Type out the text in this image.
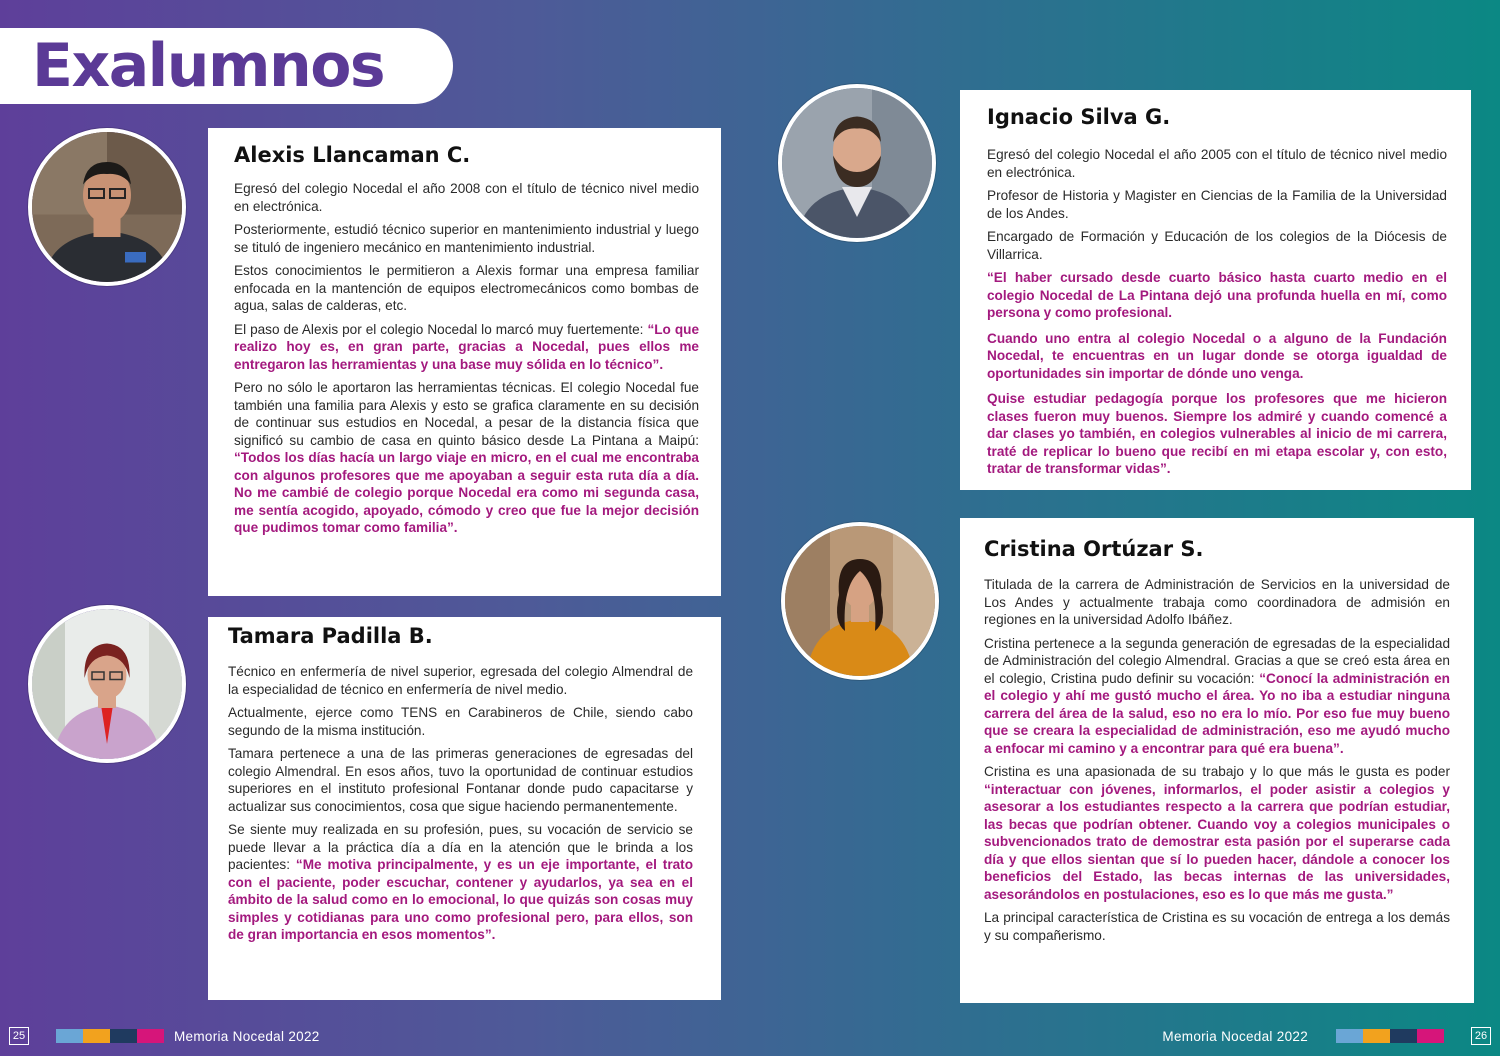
Exalumnos
Alexis Llancaman C.

Egresó del colegio Nocedal el año 2008 con el título de técnico nivel medio en electrónica.

Posteriormente, estudió técnico superior en mantenimiento industrial y luego se tituló de ingeniero mecánico en mantenimiento industrial.

Estos conocimientos le permitieron a Alexis formar una empresa familiar enfocada en la mantención de equipos electromecánicos como bombas de agua, salas de calderas, etc.

El paso de Alexis por el colegio Nocedal lo marcó muy fuertemente: “Lo que realizo hoy es, en gran parte, gracias a Nocedal, pues ellos me entregaron las herramientas y una base muy sólida en lo técnico”.

Pero no sólo le aportaron las herramientas técnicas. El colegio Nocedal fue también una familia para Alexis y esto se grafica claramente en su decisión de continuar sus estudios en Nocedal, a pesar de la distancia física que significó su cambio de casa en quinto básico desde La Pintana a Maipú: “Todos los días hacía un largo viaje en micro, en el cual me encontraba con algunos profesores que me apoyaban a seguir esta ruta día a día. No me cambié de colegio porque Nocedal era como mi segunda casa, me sentía acogido, apoyado, cómodo y creo que fue la mejor decisión que pudimos tomar como familia”.

Tamara Padilla B.

Técnico en enfermería de nivel superior, egresada del colegio Almendral de la especialidad de técnico en enfermería de nivel medio.

Actualmente, ejerce como TENS en Carabineros de Chile, siendo cabo segundo de la misma institución.

Tamara pertenece a una de las primeras generaciones de egresadas del colegio Almendral. En esos años, tuvo la oportunidad de continuar estudios superiores en el instituto profesional Fontanar donde pudo capacitarse y actualizar sus conocimientos, cosa que sigue haciendo permanentemente.

Se siente muy realizada en su profesión, pues, su vocación de servicio se puede llevar a la práctica día a día en la atención que le brinda a los pacientes: “Me motiva principalmente, y es un eje importante, el trato con el paciente, poder escuchar, contener y ayudarlos, ya sea en el ámbito de la salud como en lo emocional, lo que quizás son cosas muy simples y cotidianas para uno como profesional pero, para ellos, son de gran importancia en esos momentos”.

Ignacio Silva G.

Egresó del colegio Nocedal el año 2005 con el título de técnico nivel medio en electrónica.

Profesor de Historia y Magister en Ciencias de la Familia de la Universidad de los Andes.

Encargado de Formación y Educación de los colegios de la Diócesis de Villarrica.

“El haber cursado desde cuarto básico hasta cuarto medio en el colegio Nocedal de La Pintana dejó una profunda huella en mí, como persona y como profesional.

Cuando uno entra al colegio Nocedal o a alguno de la Fundación Nocedal, te encuentras en un lugar donde se otorga igualdad de oportunidades sin importar de dónde uno venga.

Quise estudiar pedagogía porque los profesores que me hicieron clases fueron muy buenos. Siempre los admiré y cuando comencé a dar clases yo también, en colegios vulnerables al inicio de mi carrera, traté de replicar lo bueno que recibí en mi etapa escolar y, con esto, tratar de transformar vidas”.

Cristina Ortúzar S.

Titulada de la carrera de Administración de Servicios en la universidad de Los Andes y actualmente trabaja como coordinadora de admisión en regiones en la universidad Adolfo Ibáñez.

Cristina pertenece a la segunda generación de egresadas de la especialidad de Administración del colegio Almendral. Gracias a que se creó esta área en el colegio, Cristina pudo definir su vocación: “Conocí la administración en el colegio y ahí me gustó mucho el área. Yo no iba a estudiar ninguna carrera del área de la salud, eso no era lo mío. Por eso fue muy bueno que se creara la especialidad de administración, eso me ayudó mucho a enfocar mi camino y a encontrar para qué era buena”.

Cristina es una apasionada de su trabajo y lo que más le gusta es poder “interactuar con jóvenes, informarlos, el poder asistir a colegios y asesorar a los estudiantes respecto a la carrera que podrían estudiar, las becas que podrían obtener. Cuando voy a colegios municipales o subvencionados trato de demostrar esta pasión por el superarse cada día y que ellos sientan que sí lo pueden hacer, dándole a conocer los beneficios del Estado, las becas internas de las universidades, asesorándolos en postulaciones, eso es lo que más me gusta.”

La principal característica de Cristina es su vocación de entrega a los demás y su compañerismo.

25	Memoria Nocedal 2022	Memoria Nocedal 2022	26
